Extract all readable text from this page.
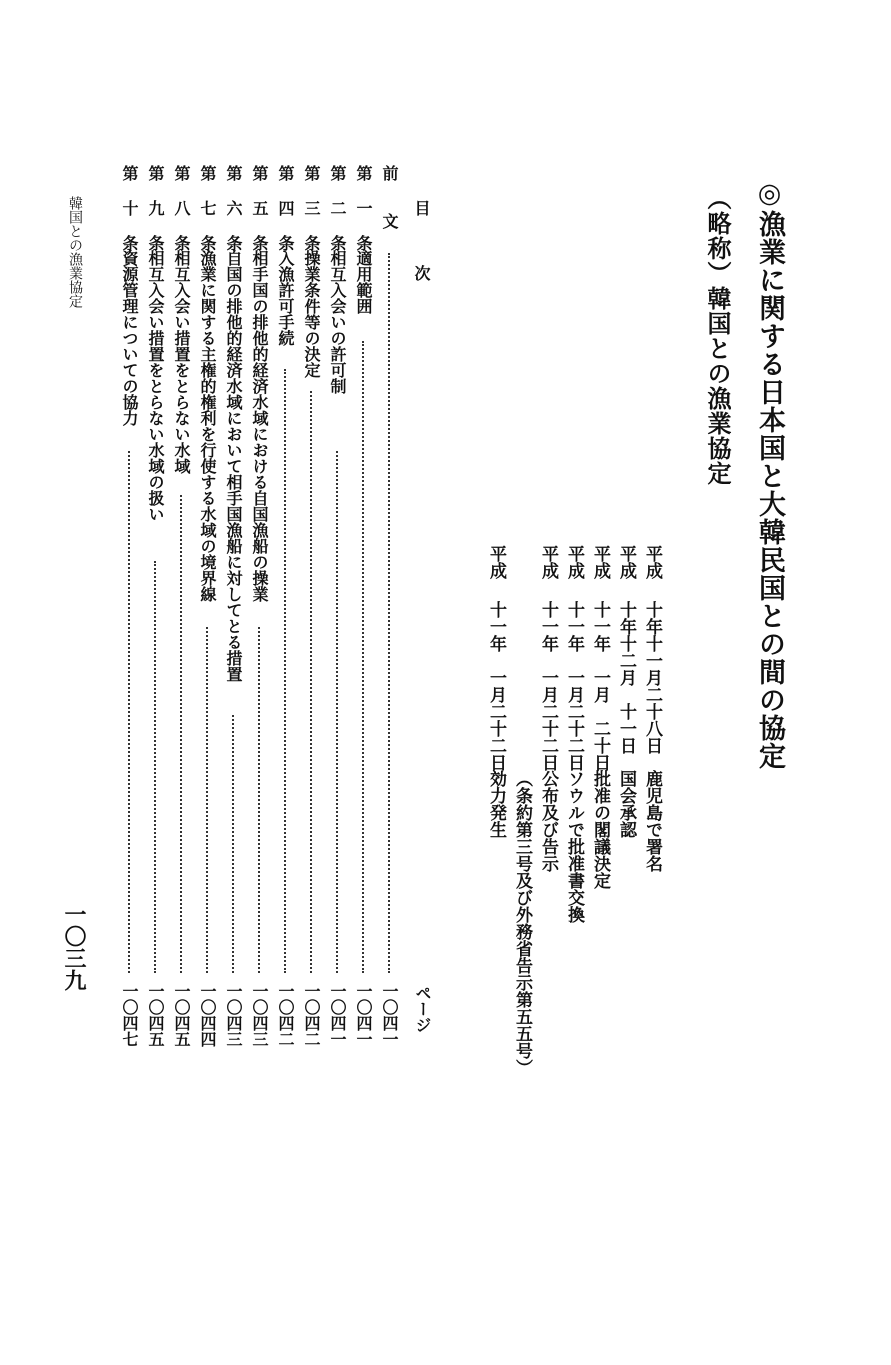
◎漁業に関する日本国と大韓民国との間の協定
（略称）韓国との漁業協定
平成
十年十一月二十八日
鹿児島で署名
平成
十年十二月　十一日
国会承認
平成
十一年　一月　二十日
批准の閣議決定
平成
十一年　一月二十二日
ソウルで批准書交換
平成
十一年　一月二十二日
公布及び告示
（条約第三号及び外務省告示第五五号）
平成
十一年　一月二十二日
効力発生
目
次
ページ
前　　文
一〇四一
第 一 条
適用範囲
一〇四一
第 二 条
相互入会いの許可制
一〇四一
第 三 条
操業条件等の決定
一〇四二
第 四 条
入漁許可手続
一〇四二
第 五 条
相手国の排他的経済水域における自国漁船の操業
一〇四三
第 六 条
自国の排他的経済水域において相手国漁船に対してとる措置
一〇四三
第 七 条
漁業に関する主権的権利を行使する水域の境界線
一〇四四
第 八 条
相互入会い措置をとらない水域
一〇四五
第 九 条
相互入会い措置をとらない水域の扱い
一〇四五
第 十 条
資源管理についての協力
一〇四七
韓国との漁業協定
一〇三九
